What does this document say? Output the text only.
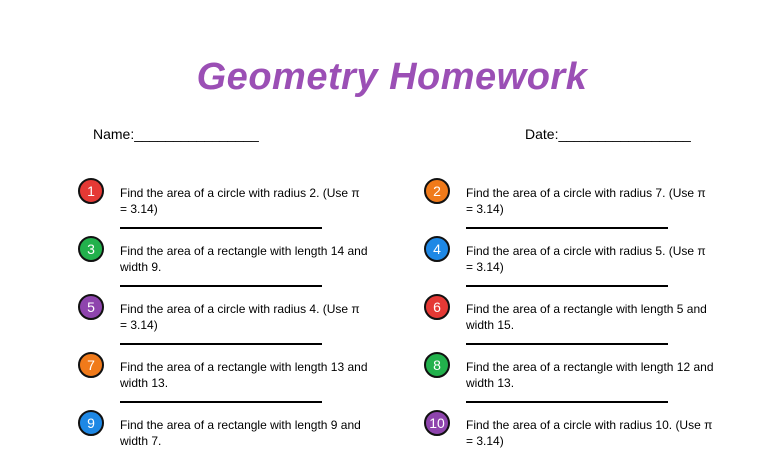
Geometry Homework
Name:________________	Date:_________________
1	Find the area of a circle with radius 2. (Use π = 3.14)
3	Find the area of a rectangle with length 14 and width 9.
5	Find the area of a circle with radius 4. (Use π = 3.14)
7	Find the area of a rectangle with length 13 and width 13.
9	Find the area of a rectangle with length 9 and width 7.
2	Find the area of a circle with radius 7. (Use π = 3.14)
4	Find the area of a circle with radius 5. (Use π = 3.14)
6	Find the area of a rectangle with length 5 and width 15.
8	Find the area of a rectangle with length 12 and width 13.
10	Find the area of a circle with radius 10. (Use π = 3.14)
